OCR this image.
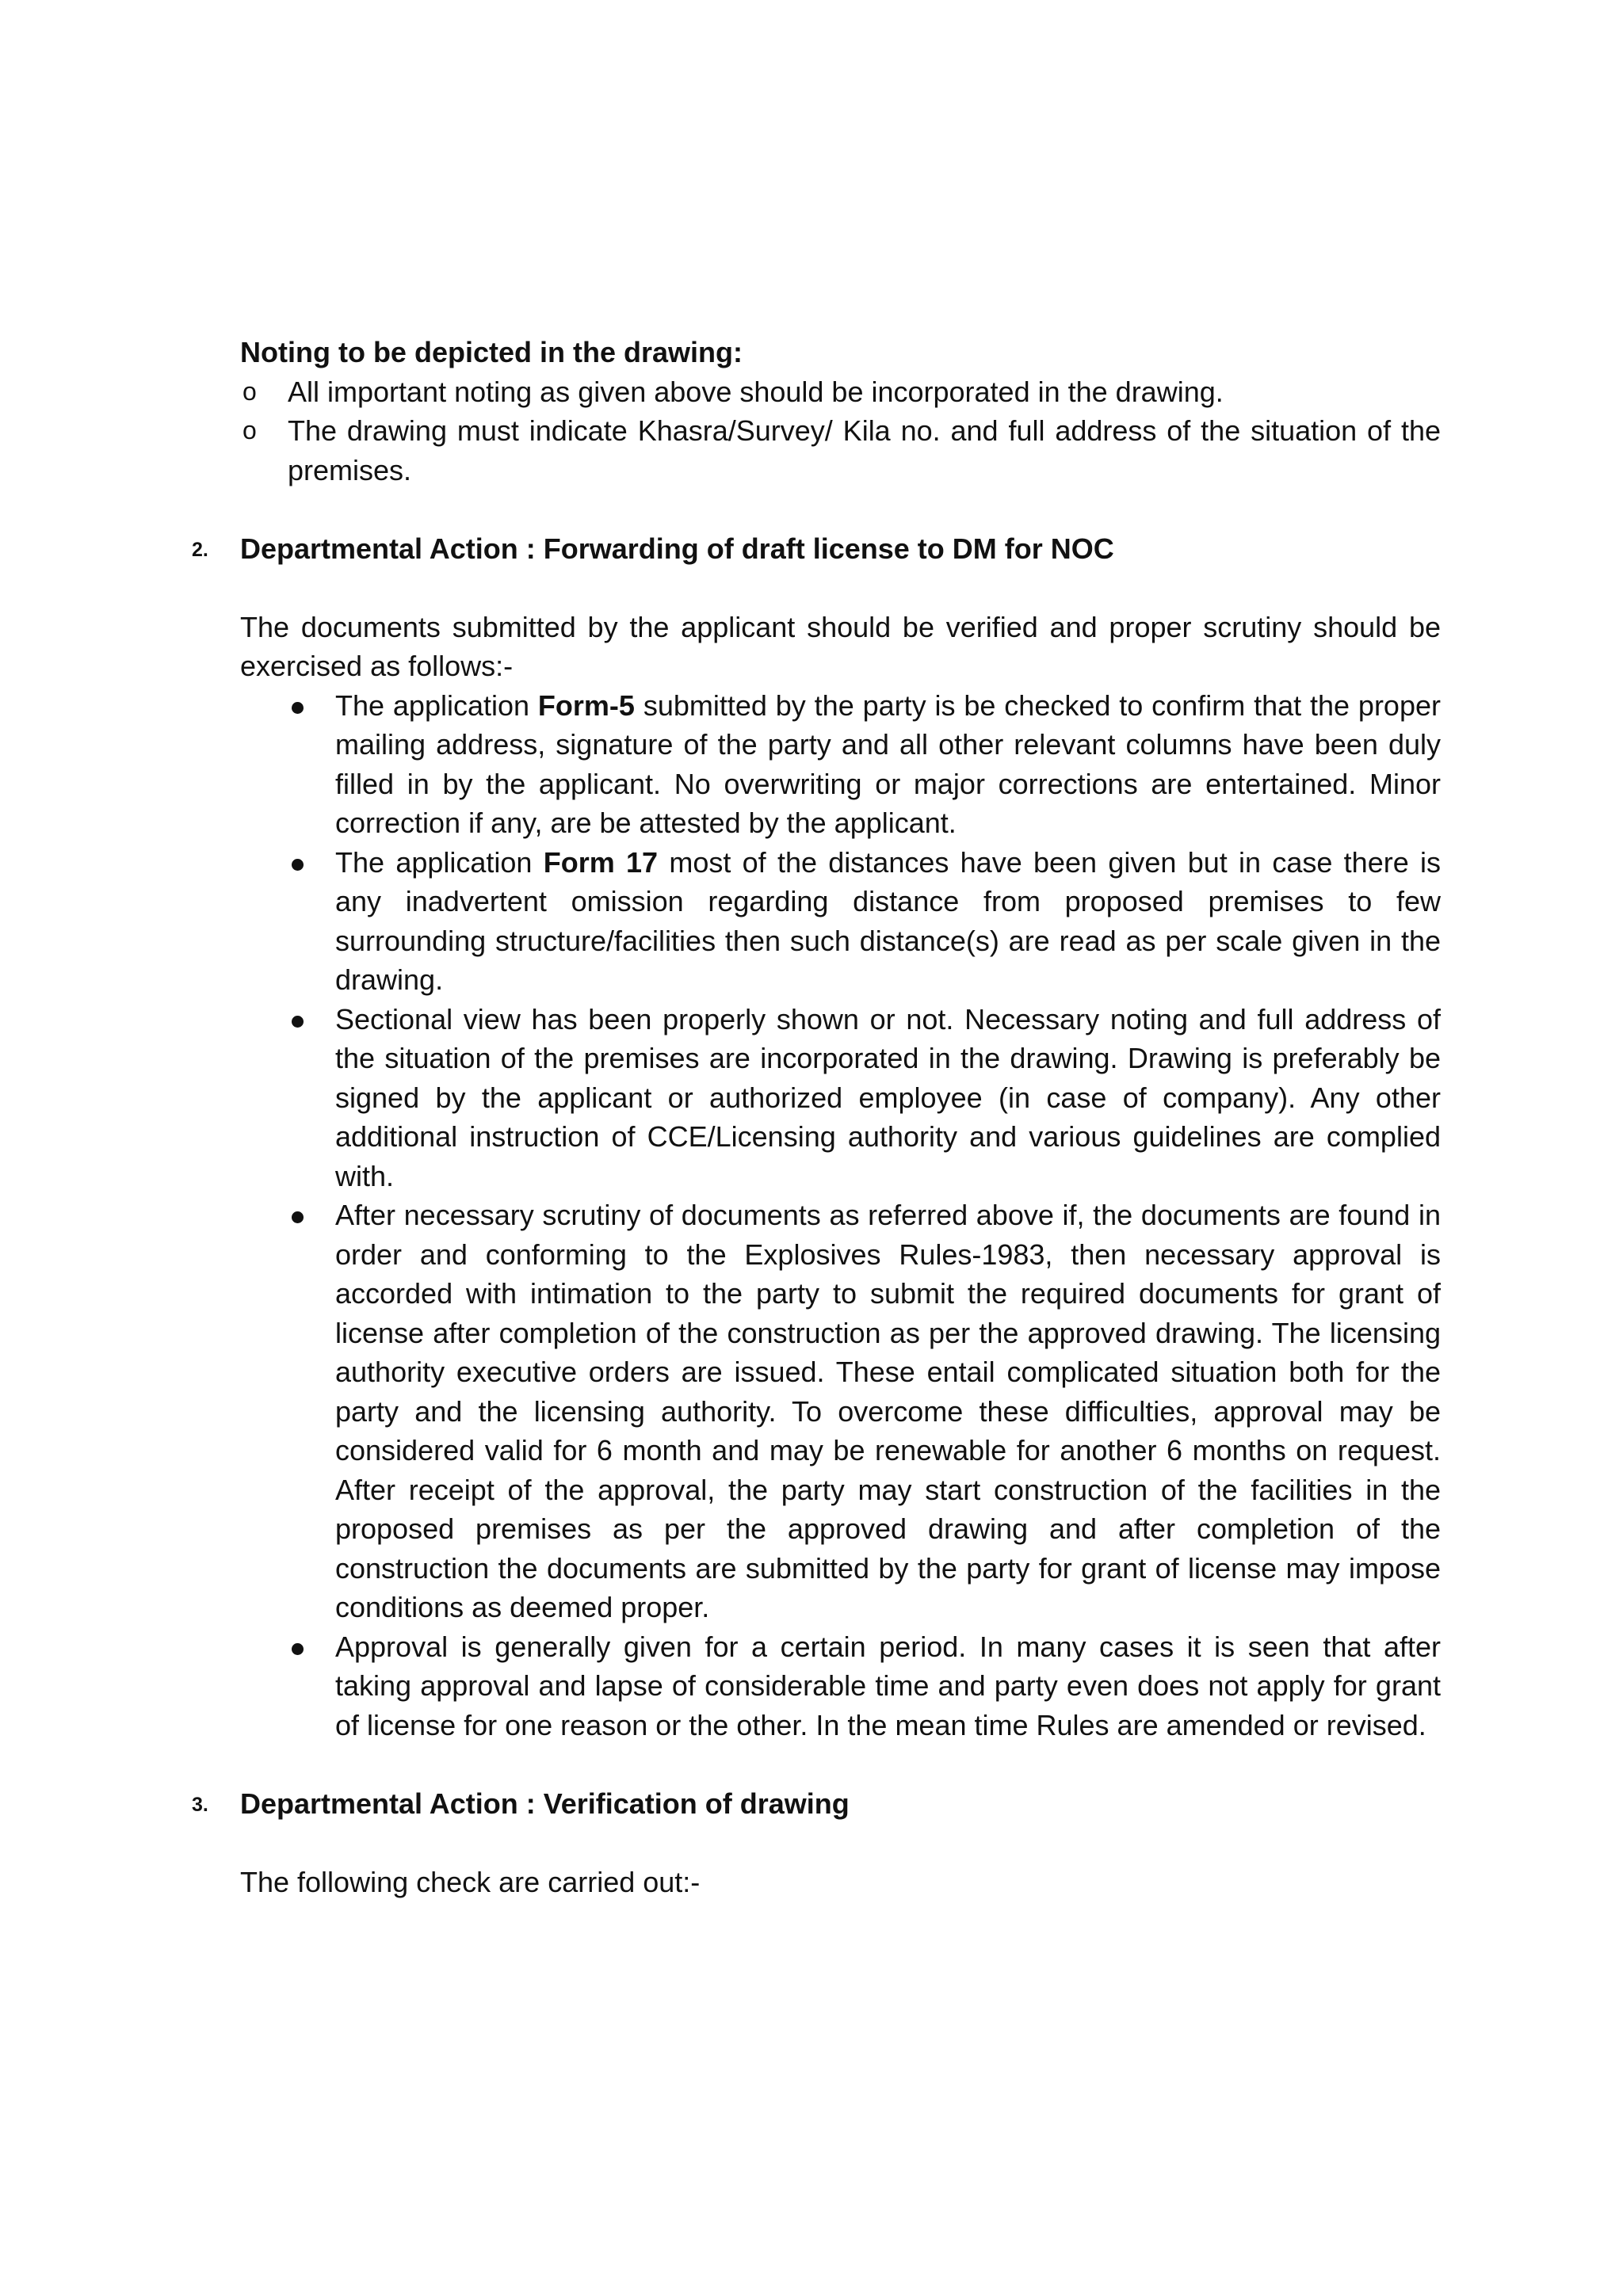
Noting to be depicted in the drawing:

o All important noting as given above should be incorporated in the drawing.
o The drawing must indicate Khasra/Survey/ Kila no. and full address of the situation of the premises.

2. Departmental Action : Forwarding of draft license to DM for NOC

The documents submitted by the applicant should be verified and proper scrutiny should be exercised as follows:-

The application Form-5 submitted by the party is be checked to confirm that the proper mailing address, signature of the party and all other relevant columns have been duly filled in by the applicant. No overwriting or major corrections are entertained. Minor correction if any, are be attested by the applicant.
The application Form 17 most of the distances have been given but in case there is any inadvertent omission regarding distance from proposed premises to few surrounding structure/facilities then such distance(s) are read as per scale given in the drawing.
Sectional view has been properly shown or not. Necessary noting and full address of the situation of the premises are incorporated in the drawing. Drawing is preferably be signed by the applicant or authorized employee (in case of company). Any other additional instruction of CCE/Licensing authority and various guidelines are complied with.
After necessary scrutiny of documents as referred above if, the documents are found in order and conforming to the Explosives Rules-1983, then necessary approval is accorded with intimation to the party to submit the required documents for grant of license after completion of the construction as per the approved drawing. The licensing authority executive orders are issued. These entail complicated situation both for the party and the licensing authority. To overcome these difficulties, approval may be considered valid for 6 month and may be renewable for another 6 months on request. After receipt of the approval, the party may start construction of the facilities in the proposed premises as per the approved drawing and after completion of the construction the documents are submitted by the party for grant of license may impose conditions as deemed proper.
Approval is generally given for a certain period. In many cases it is seen that after taking approval and lapse of considerable time and party even does not apply for grant of license for one reason or the other. In the mean time Rules are amended or revised.

3. Departmental Action : Verification of drawing

The following check are carried out:-
